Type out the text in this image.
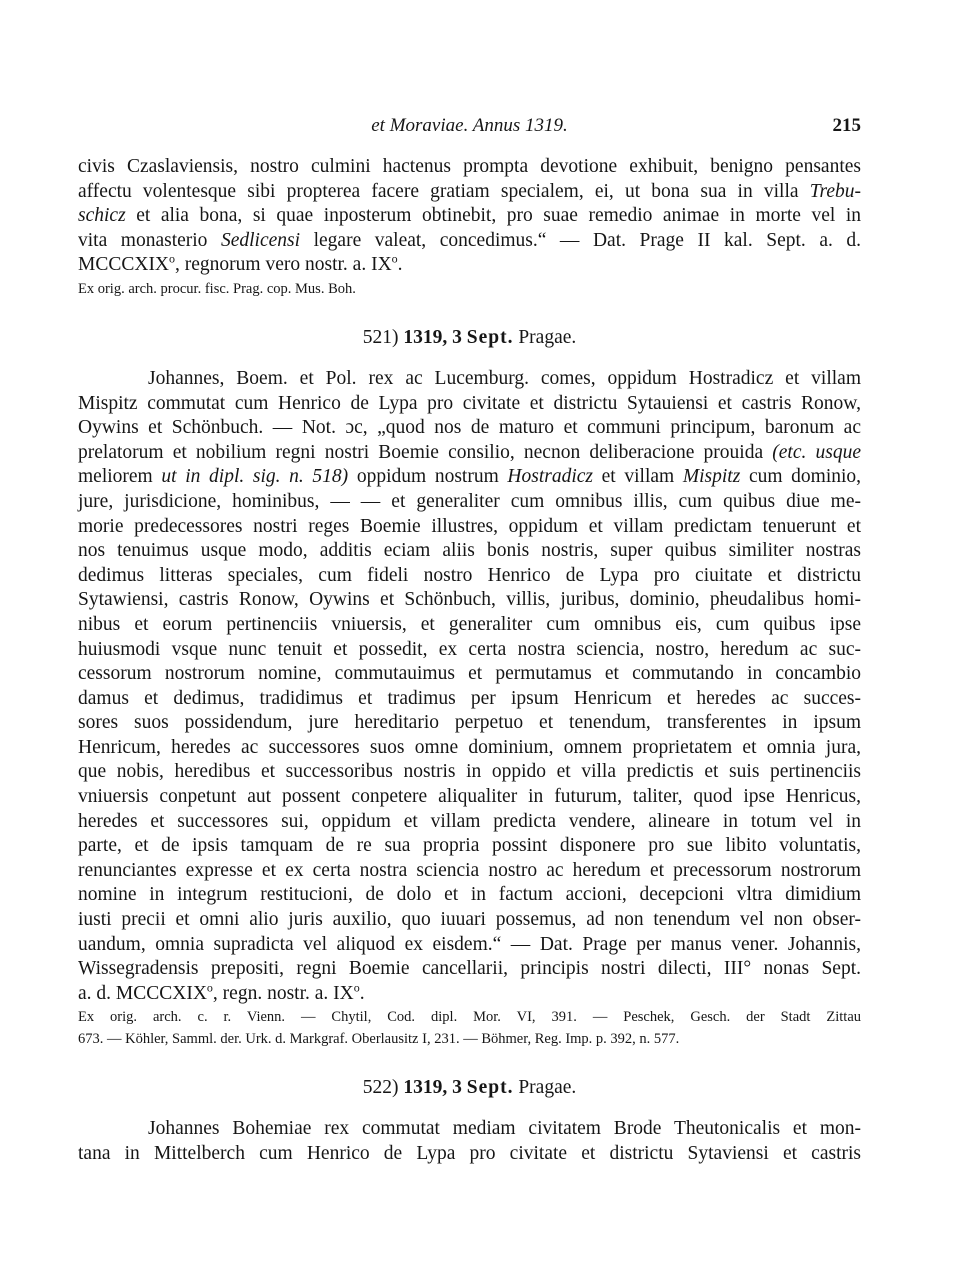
et Moraviae. Annus 1319.	215
civis Czaslaviensis, nostro culmini hactenus prompta devotione exhibuit, benigno pensantes
affectu volentesque sibi propterea facere gratiam specialem, ei, ut bona sua in villa Trebu-
schicz et alia bona, si quae inposterum obtinebit, pro suae remedio animae in morte vel in
vita monasterio Sedlicensi legare valeat, concedimus.“ — Dat. Prage II kal. Sept. a. d.
MCCCXIX$^o$, regnorum vero nostr. a. $IX^o$.
Ex orig. arch. procur. fisc. Prag. cop. Mus. Boh.
521) 1319, 3 Sept. Pragae.
Johannes, Boem. et Pol. rex ac Lucemburg. comes, oppidum Hostradicz et villam
Mispitz commutat cum Henrico de Lypa pro civitate et districtu Sytauiensi et castris Ronow,
Oywins et Schönbuch. — Not. ɔc, „quod nos de maturo et communi principum, baronum ac
prelatorum et nobilium regni nostri Boemie consilio, necnon deliberacione prouida (etc. usque
meliorem ut in dipl. sig. n. 518) oppidum nostrum Hostradicz et villam Mispitz cum dominio,
jure, jurisdicione, hominibus, — — et generaliter cum omnibus illis, cum quibus diue me-
morie predecessores nostri reges Boemie illustres, oppidum et villam predictam tenuerunt et
nos tenuimus usque modo, additis eciam aliis bonis nostris, super quibus similiter nostras
dedimus litteras speciales, cum fideli nostro Henrico de Lypa pro ciuitate et districtu
Sytawiensi, castris Ronow, Oywins et Schönbuch, villis, juribus, dominio, pheudalibus homi-
nibus et eorum pertinenciis vniuersis, et generaliter cum omnibus eis, cum quibus ipse
huiusmodi vsque nunc tenuit et possedit, ex certa nostra sciencia, nostro, heredum ac suc-
cessorum nostrorum nomine, commutauimus et permutamus et commutando in concambio
damus et dedimus, tradidimus et tradimus per ipsum Henricum et heredes ac succes-
sores suos possidendum, jure hereditario perpetuo et tenendum, transferentes in ipsum
Henricum, heredes ac successores suos omne dominium, omnem proprietatem et omnia jura,
que nobis, heredibus et successoribus nostris in oppido et villa predictis et suis pertinenciis
vniuersis conpetunt aut possent conpetere aliqualiter in futurum, taliter, quod ipse Henricus,
heredes et successores sui, oppidum et villam predicta vendere, alineare in totum vel in
parte, et de ipsis tamquam de re sua propria possint disponere pro sue libito voluntatis,
renunciantes expresse et ex certa nostra sciencia nostro ac heredum et precessorum nostrorum
nomine in integrum restitucioni, de dolo et in factum accioni, decepcioni vltra dimidium
iusti precii et omni alio juris auxilio, quo iuuari possemus, ad non tenendum vel non obser-
uandum, omnia supradicta vel aliquod ex eisdem.“ — Dat. Prage per manus vener. Johannis,
Wissegradensis prepositi, regni Boemie cancellarii, principis nostri dilecti, III° nonas Sept.
a. d. MCCCXIX$^o$, regn. nostr. a. $IX^o$.
Ex orig. arch. c. r. Vienn. — Chytil, Cod. dipl. Mor. VI, 391. — Peschek, Gesch. der Stadt Zittau
673. — Köhler, Samml. der. Urk. d. Markgraf. Oberlausitz I, 231. — Böhmer, Reg. Imp. p. 392, n. 577.
522) 1319, 3 Sept. Pragae.
Johannes Bohemiae rex commutat mediam civitatem Brode Theutonicalis et mon-
tana in Mittelberch cum Henrico de Lypa pro civitate et districtu Sytaviensi et castris
